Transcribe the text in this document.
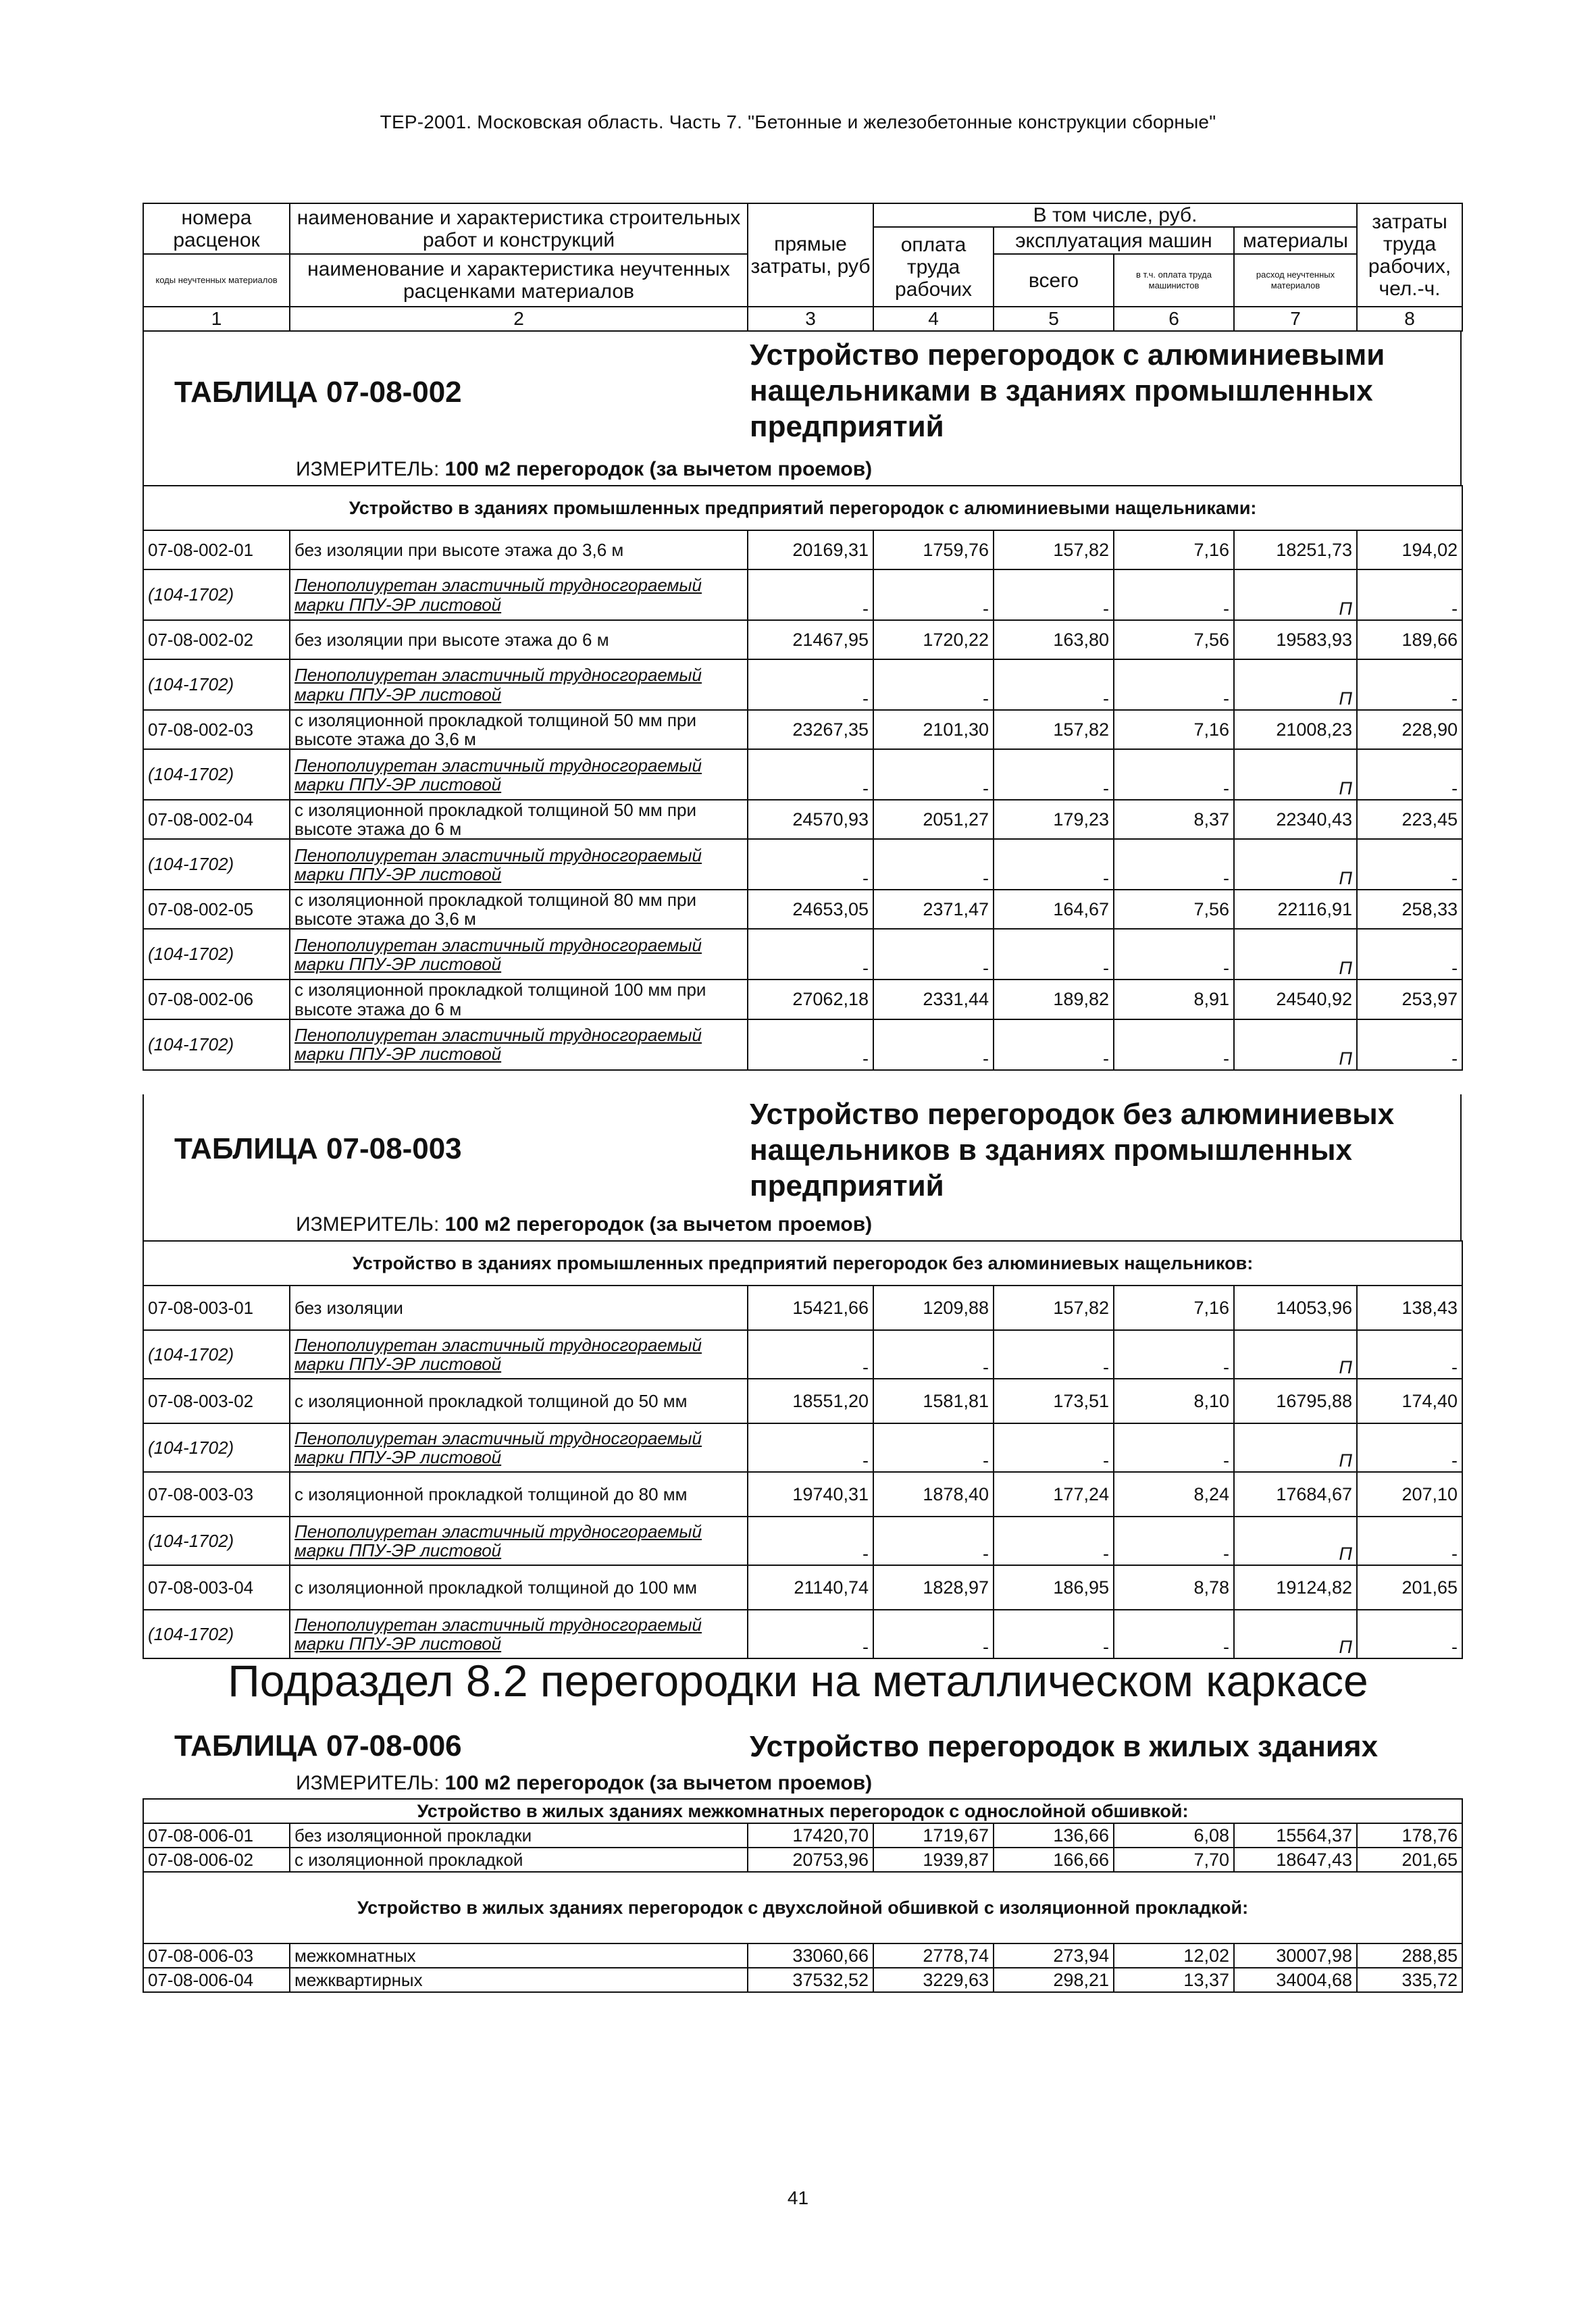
ТЕР-2001. Московская область. Часть 7. "Бетонные и железобетонные конструкции сборные"
номера расценок	наименование и характеристика строительных работ и конструкций	прямые затраты, руб	В том числе, руб.				затраты труда рабочих, чел.-ч.
			оплата труда рабочих	эксплуатация машин		материалы	
коды неучтенных материалов	наименование и характеристика неучтенных расценками материалов			всего	в т.ч. оплата труда машинистов	расход неучтенных материалов	

1	2	3	4	5	6	7	8
ТАБЛИЦА 07-08-002
Устройство перегородок с алюминиевыми нащельниками в зданиях промышленных предприятий
ИЗМЕРИТЕЛЬ: 100 м2 перегородок (за вычетом проемов)
Устройство в зданиях промышленных предприятий перегородок с алюминиевыми нащельниками:							
07-08-002-01	без изоляции при высоте этажа до 3,6 м	20169,31	1759,76	157,82	7,16	18251,73	194,02
(104-1702)	Пенополиуретан эластичный трудносгораемый марки ППУ-ЭР листовой	-	-	-	-	П	-
07-08-002-02	без изоляции при высоте этажа до 6 м	21467,95	1720,22	163,80	7,56	19583,93	189,66
(104-1702)	Пенополиуретан эластичный трудносгораемый марки ППУ-ЭР листовой	-	-	-	-	П	-
07-08-002-03	с изоляционной прокладкой толщиной 50 мм при высоте этажа до 3,6 м	23267,35	2101,30	157,82	7,16	21008,23	228,90
(104-1702)	Пенополиуретан эластичный трудносгораемый марки ППУ-ЭР листовой	-	-	-	-	П	-
07-08-002-04	с изоляционной прокладкой толщиной 50 мм при высоте этажа до 6 м	24570,93	2051,27	179,23	8,37	22340,43	223,45
(104-1702)	Пенополиуретан эластичный трудносгораемый марки ППУ-ЭР листовой	-	-	-	-	П	-
07-08-002-05	с изоляционной прокладкой толщиной 80 мм при высоте этажа до 3,6 м	24653,05	2371,47	164,67	7,56	22116,91	258,33
(104-1702)	Пенополиуретан эластичный трудносгораемый марки ППУ-ЭР листовой	-	-	-	-	П	-
07-08-002-06	с изоляционной прокладкой толщиной 100 мм при высоте этажа до 6 м	27062,18	2331,44	189,82	8,91	24540,92	253,97
(104-1702)	Пенополиуретан эластичный трудносгораемый марки ППУ-ЭР листовой	-	-	-	-	П	-
ТАБЛИЦА 07-08-003
Устройство перегородок без алюминиевых нащельников в зданиях промышленных предприятий
ИЗМЕРИТЕЛЬ: 100 м2 перегородок (за вычетом проемов)
Устройство в зданиях промышленных предприятий перегородок без алюминиевых нащельников:							
07-08-003-01	без изоляции	15421,66	1209,88	157,82	7,16	14053,96	138,43
(104-1702)	Пенополиуретан эластичный трудносгораемый марки ППУ-ЭР листовой	-	-	-	-	П	-
07-08-003-02	с изоляционной прокладкой толщиной до 50 мм	18551,20	1581,81	173,51	8,10	16795,88	174,40
(104-1702)	Пенополиуретан эластичный трудносгораемый марки ППУ-ЭР листовой	-	-	-	-	П	-
07-08-003-03	с изоляционной прокладкой толщиной до 80 мм	19740,31	1878,40	177,24	8,24	17684,67	207,10
(104-1702)	Пенополиуретан эластичный трудносгораемый марки ППУ-ЭР листовой	-	-	-	-	П	-
07-08-003-04	с изоляционной прокладкой толщиной до 100 мм	21140,74	1828,97	186,95	8,78	19124,82	201,65
(104-1702)	Пенополиуретан эластичный трудносгораемый марки ППУ-ЭР листовой	-	-	-	-	П	-
Подраздел 8.2 перегородки на металлическом каркасе
ТАБЛИЦА 07-08-006	Устройство перегородок в жилых зданиях
ИЗМЕРИТЕЛЬ: 100 м2 перегородок (за вычетом проемов)
Устройство в жилых зданиях межкомнатных перегородок с однослойной обшивкой:							
07-08-006-01	без изоляционной прокладки	17420,70	1719,67	136,66	6,08	15564,37	178,76
07-08-006-02	с изоляционной прокладкой	20753,96	1939,87	166,66	7,70	18647,43	201,65
Устройство в жилых зданиях перегородок с двухслойной обшивкой с изоляционной прокладкой:							
07-08-006-03	межкомнатных	33060,66	2778,74	273,94	12,02	30007,98	288,85
07-08-006-04	межквартирных	37532,52	3229,63	298,21	13,37	34004,68	335,72
41
